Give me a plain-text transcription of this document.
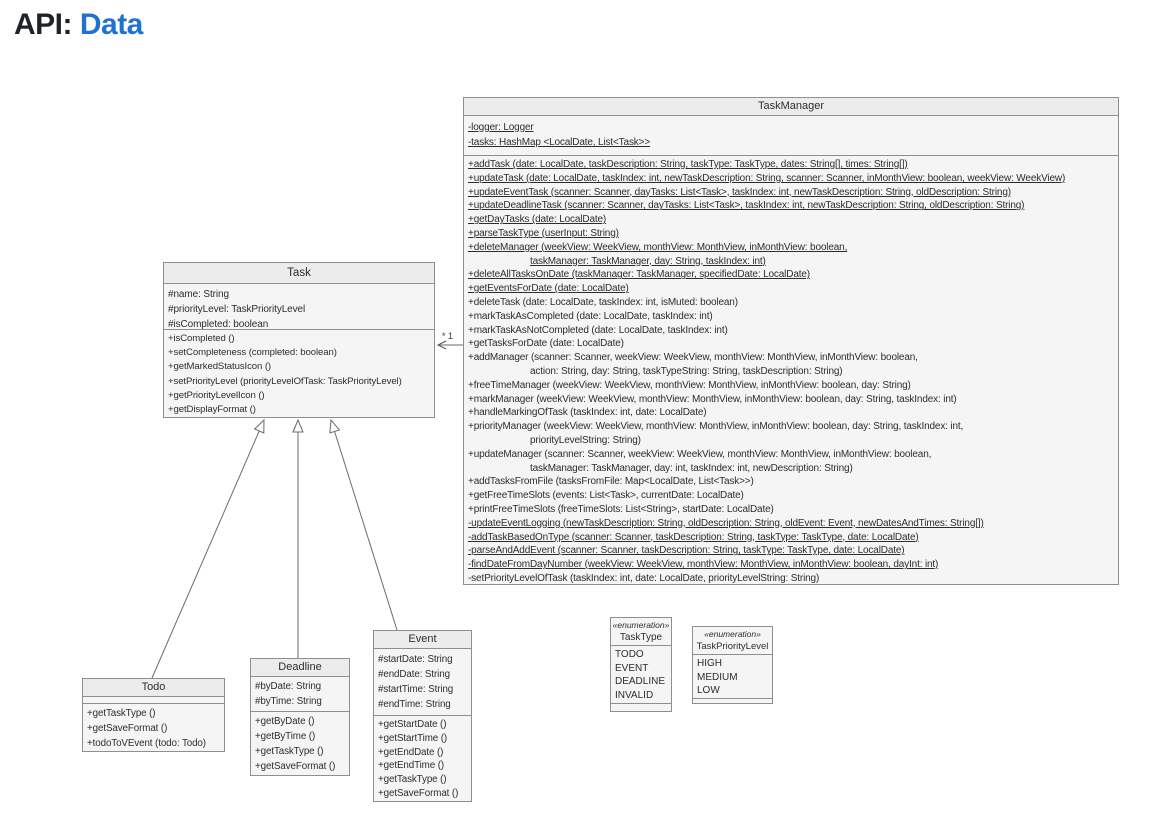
API: Data
* 1
TaskManager
-logger: Logger
-tasks: HashMap <LocalDate, List<Task>>
+addTask (date: LocalDate, taskDescription: String, taskType: TaskType, dates: String[], times: String[])
+updateTask (date: LocalDate, taskIndex: int, newTaskDescription: String, scanner: Scanner, inMonthView: boolean, weekView: WeekView)
+updateEventTask (scanner: Scanner, dayTasks: List<Task>, taskIndex: int, newTaskDescription: String, oldDescription: String)
+updateDeadlineTask (scanner: Scanner, dayTasks: List<Task>, taskIndex: int, newTaskDescription: String, oldDescription: String)
+getDayTasks (date: LocalDate)
+parseTaskType (userInput: String)
+deleteManager (weekView: WeekView, monthView: MonthView, inMonthView: boolean,
taskManager: TaskManager, day: String, taskIndex: int)
+deleteAllTasksOnDate (taskManager: TaskManager, specifiedDate: LocalDate)
+getEventsForDate (date: LocalDate)
+deleteTask (date: LocalDate, taskIndex: int, isMuted: boolean)
+markTaskAsCompleted (date: LocalDate, taskIndex: int)
+markTaskAsNotCompleted (date: LocalDate, taskIndex: int)
+getTasksForDate (date: LocalDate)
+addManager (scanner: Scanner, weekView: WeekView, monthView: MonthView, inMonthView: boolean,
action: String, day: String, taskTypeString: String, taskDescription: String)
+freeTimeManager (weekView: WeekView, monthView: MonthView, inMonthView: boolean, day: String)
+markManager (weekView: WeekView, monthView: MonthView, inMonthView: boolean, day: String, taskIndex: int)
+handleMarkingOfTask (taskIndex: int, date: LocalDate)
+priorityManager (weekView: WeekView, monthView: MonthView, inMonthView: boolean, day: String, taskIndex: int,
priorityLevelString: String)
+updateManager (scanner: Scanner, weekView: WeekView, monthView: MonthView, inMonthView: boolean,
taskManager: TaskManager, day: int, taskIndex: int, newDescription: String)
+addTasksFromFile (tasksFromFile: Map<LocalDate, List<Task>>)
+getFreeTimeSlots (events: List<Task>, currentDate: LocalDate)
+printFreeTimeSlots (freeTimeSlots: List<String>, startDate: LocalDate)
-updateEventLogging (newTaskDescription: String, oldDescription: String, oldEvent: Event, newDatesAndTimes: String[])
-addTaskBasedOnType (scanner: Scanner, taskDescription: String, taskType: TaskType, date: LocalDate)
-parseAndAddEvent (scanner: Scanner, taskDescription: String, taskType: TaskType, date: LocalDate)
-findDateFromDayNumber (weekView: WeekView, monthView: MonthView, inMonthView: boolean, dayInt: int)
-setPriorityLevelOfTask (taskIndex: int, date: LocalDate, priorityLevelString: String)
Task
#name: String
#priorityLevel: TaskPriorityLevel
#isCompleted: boolean
+isCompleted ()
+setCompleteness (completed: boolean)
+getMarkedStatusIcon ()
+setPriorityLevel (priorityLevelOfTask: TaskPriorityLevel)
+getPriorityLevelIcon ()
+getDisplayFormat ()
Todo
+getTaskType ()
+getSaveFormat ()
+todoToVEvent (todo: Todo)
Deadline
#byDate: String
#byTime: String
+getByDate ()
+getByTime ()
+getTaskType ()
+getSaveFormat ()
Event
#startDate: String
#endDate: String
#startTime: String
#endTime: String
+getStartDate ()
+getStartTime ()
+getEndDate ()
+getEndTime ()
+getTaskType ()
+getSaveFormat ()
«enumeration»
TaskType
TODO
EVENT
DEADLINE
INVALID
«enumeration»
TaskPriorityLevel
HIGH
MEDIUM
LOW
